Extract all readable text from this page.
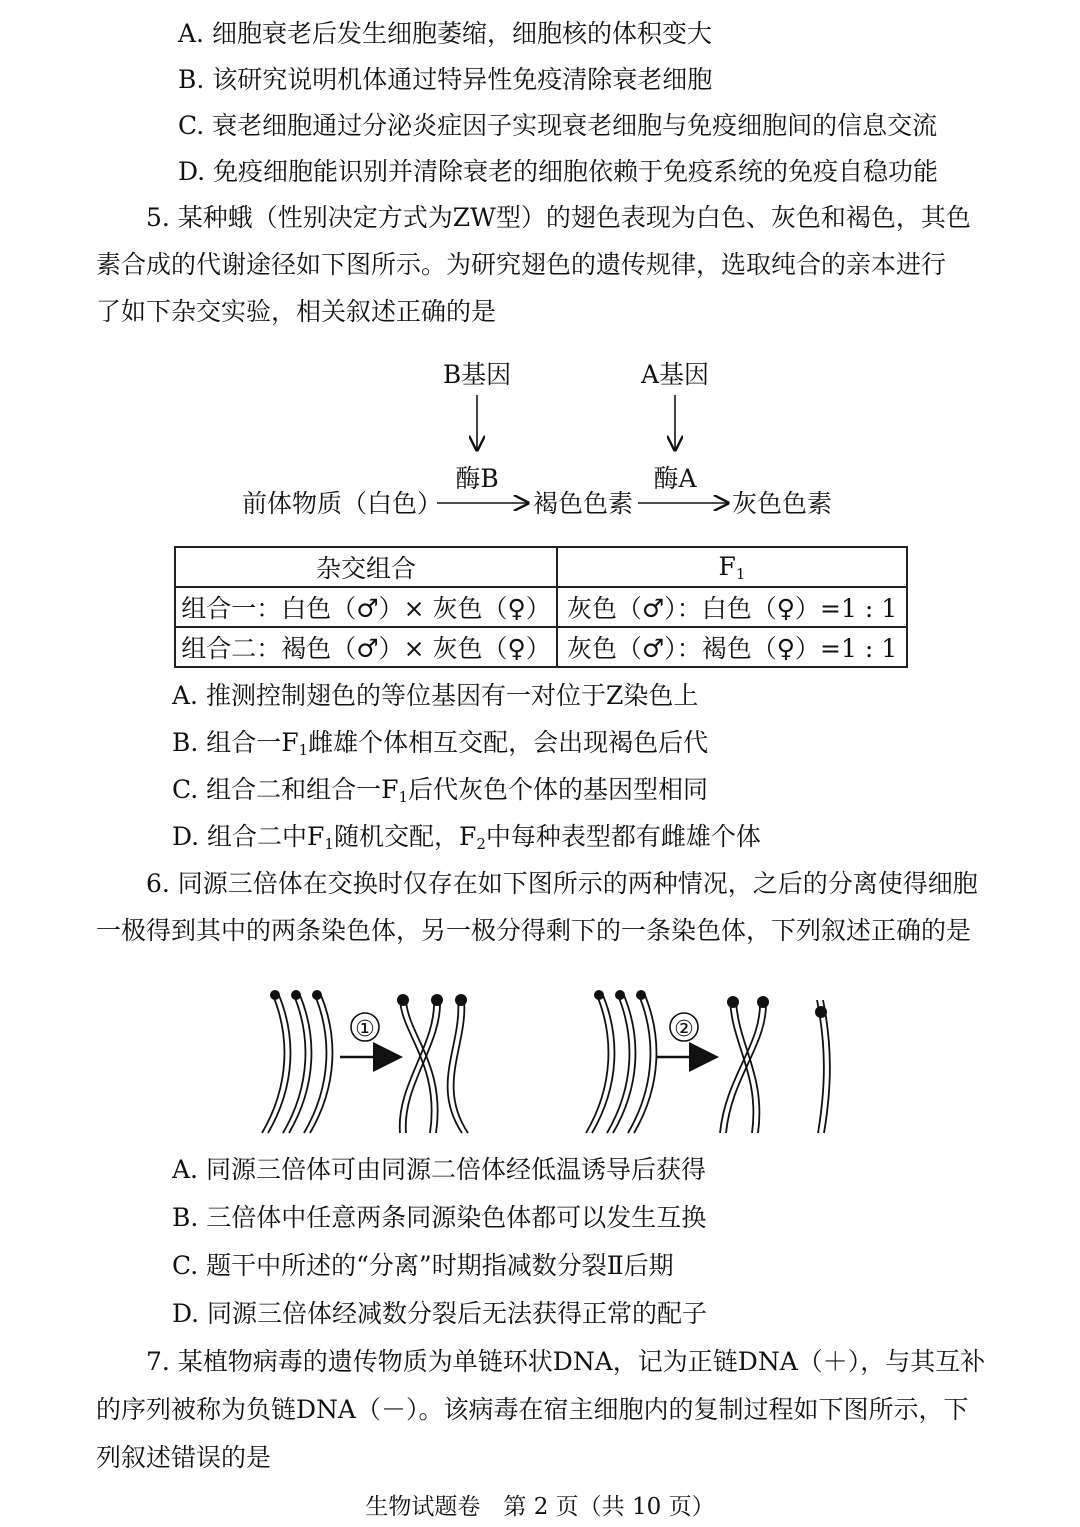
A. 细胞衰老后发生细胞萎缩，细胞核的体积变大
B. 该研究说明机体通过特异性免疫清除衰老细胞
C. 衰老细胞通过分泌炎症因子实现衰老细胞与免疫细胞间的信息交流
D. 免疫细胞能识别并清除衰老的细胞依赖于免疫系统的免疫自稳功能
5. 某种蛾（性别决定方式为ZW型）的翅色表现为白色、灰色和褐色，其色
素合成的代谢途径如下图所示。为研究翅色的遗传规律，选取纯合的亲本进行
了如下杂交实验，相关叙述正确的是
B基因	A基因
酶B	酶A
前体物质（白色）	褐色色素	灰色色素
杂交组合	$F_1$
组合一：白色（♂）× 灰色（♀）	灰色（♂）：白色（♀）=1 : 1
组合二：褐色（♂）× 灰色（♀）	灰色（♂）：褐色（♀）=1 : 1
A. 推测控制翅色的等位基因有一对位于Z染色上
B. 组合一$F_1$雌雄个体相互交配，会出现褐色后代
C. 组合二和组合一$F_1$后代灰色个体的基因型相同
D. 组合二中$F_1$随机交配，$F_2$中每种表型都有雌雄个体
6. 同源三倍体在交换时仅存在如下图所示的两种情况，之后的分离使得细胞
一极得到其中的两条染色体，另一极分得剩下的一条染色体，下列叙述正确的是
①	②
A. 同源三倍体可由同源二倍体经低温诱导后获得
B. 三倍体中任意两条同源染色体都可以发生互换
C. 题干中所述的“分离”时期指减数分裂Ⅱ后期
D. 同源三倍体经减数分裂后无法获得正常的配子
7. 某植物病毒的遗传物质为单链环状DNA，记为正链DNA（＋），与其互补
的序列被称为负链DNA（－）。该病毒在宿主细胞内的复制过程如下图所示，下
列叙述错误的是
生物试题卷　第 2 页（共 10 页）
